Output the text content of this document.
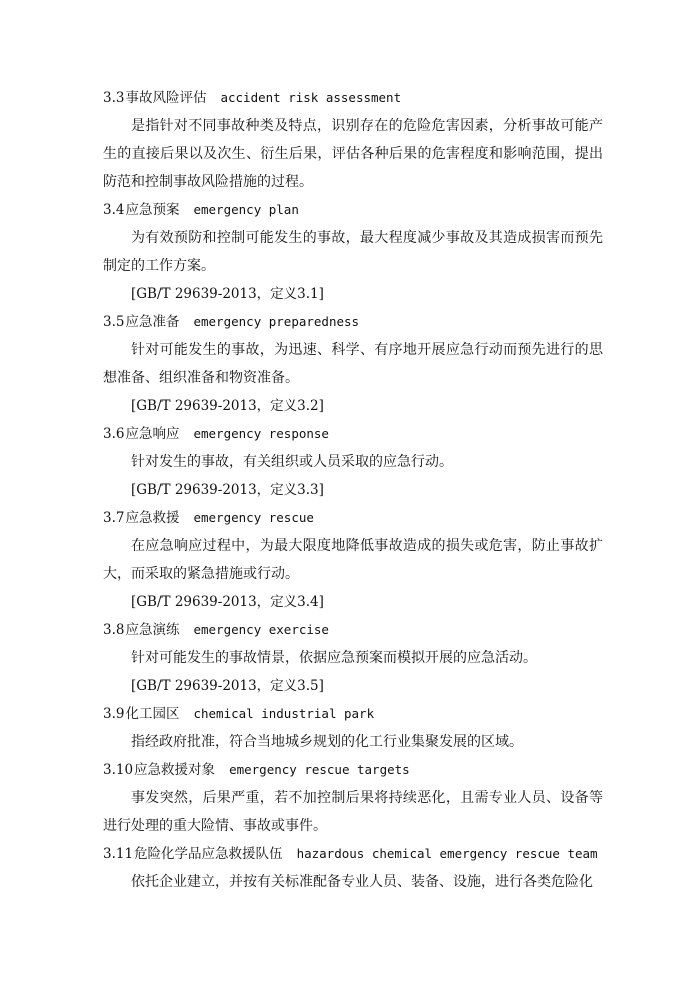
3.3事故风险评估 accident risk assessment
是指针对不同事故种类及特点，识别存在的危险危害因素，分析事故可能产生的直接后果以及次生、衍生后果，评估各种后果的危害程度和影响范围，提出防范和控制事故风险措施的过程。
3.4应急预案 emergency plan
为有效预防和控制可能发生的事故，最大程度减少事故及其造成损害而预先制定的工作方案。
[GB/T 29639-2013，定义3.1]
3.5应急准备 emergency preparedness
针对可能发生的事故，为迅速、科学、有序地开展应急行动而预先进行的思想准备、组织准备和物资准备。
[GB/T 29639-2013，定义3.2]
3.6应急响应 emergency response
针对发生的事故，有关组织或人员采取的应急行动。
[GB/T 29639-2013，定义3.3]
3.7应急救援 emergency rescue
在应急响应过程中，为最大限度地降低事故造成的损失或危害，防止事故扩大，而采取的紧急措施或行动。
[GB/T 29639-2013，定义3.4]
3.8应急演练 emergency exercise
针对可能发生的事故情景，依据应急预案而模拟开展的应急活动。
[GB/T 29639-2013，定义3.5]
3.9化工园区 chemical industrial park
指经政府批准，符合当地城乡规划的化工行业集聚发展的区域。
3.10应急救援对象 emergency rescue targets
事发突然，后果严重，若不加控制后果将持续恶化，且需专业人员、设备等进行处理的重大险情、事故或事件。
3.11危险化学品应急救援队伍 hazardous chemical emergency rescue team
依托企业建立，并按有关标准配备专业人员、装备、设施，进行各类危险化
